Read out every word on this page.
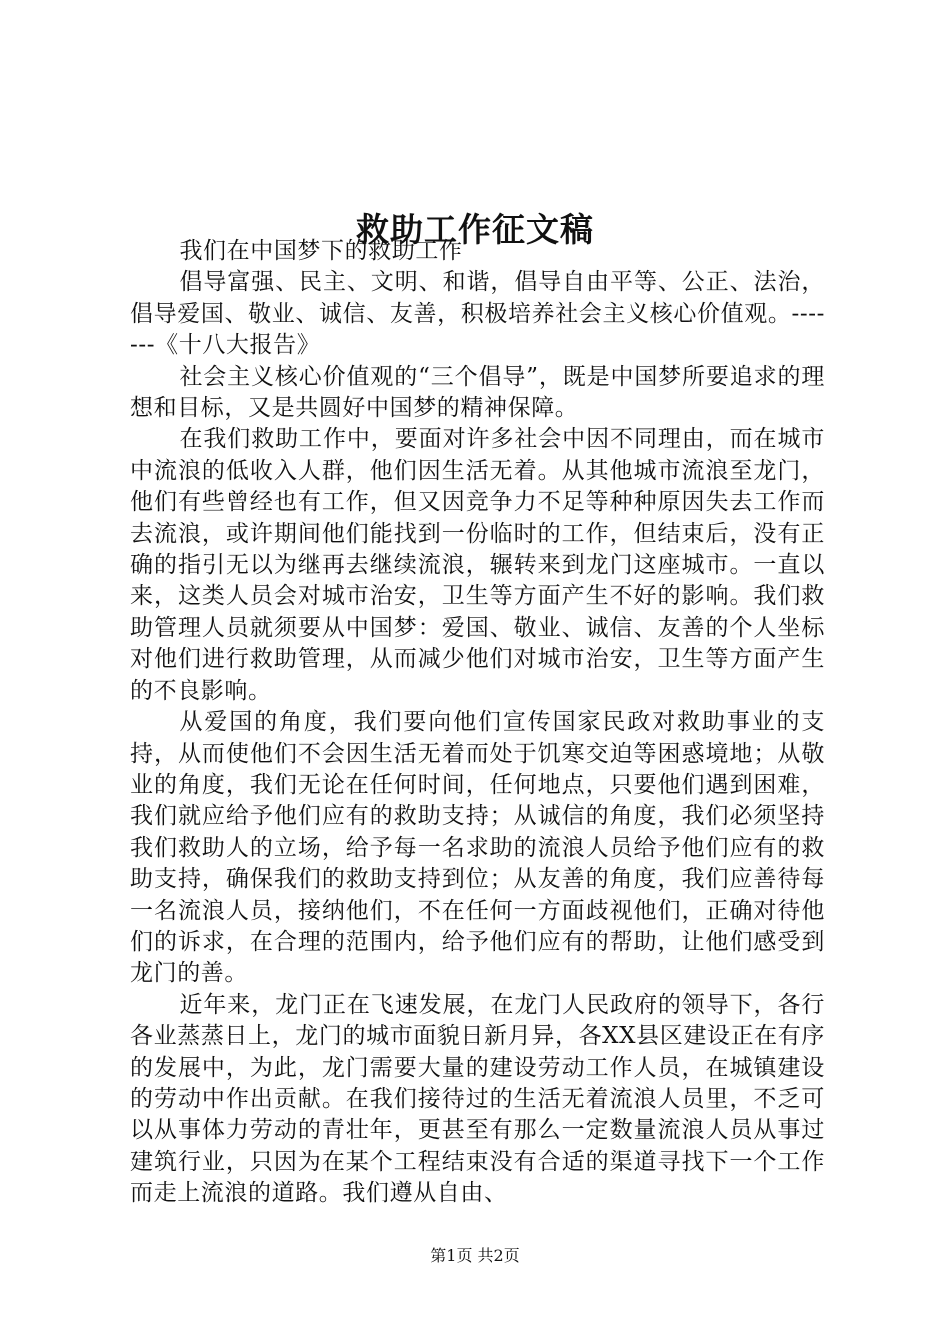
救助工作征文稿

我们在中国梦下的救助工作

倡导富强、民主、文明、和谐，倡导自由平等、公正、法治，倡导爱国、敬业、诚信、友善，积极培养社会主义核心价值观。-------《十八大报告》

社会主义核心价值观的“三个倡导”，既是中国梦所要追求的理想和目标，又是共圆好中国梦的精神保障。

在我们救助工作中，要面对许多社会中因不同理由，而在城市中流浪的低收入人群，他们因生活无着。从其他城市流浪至龙门，他们有些曾经也有工作，但又因竞争力不足等种种原因失去工作而去流浪，或许期间他们能找到一份临时的工作，但结束后，没有正确的指引无以为继再去继续流浪，辗转来到龙门这座城市。一直以来，这类人员会对城市治安，卫生等方面产生不好的影响。我们救助管理人员就须要从中国梦：爱国、敬业、诚信、友善的个人坐标对他们进行救助管理，从而减少他们对城市治安，卫生等方面产生的不良影响。

从爱国的角度，我们要向他们宣传国家民政对救助事业的支持，从而使他们不会因生活无着而处于饥寒交迫等困惑境地；从敬业的角度，我们无论在任何时间，任何地点，只要他们遇到困难，我们就应给予他们应有的救助支持；从诚信的角度，我们必须坚持我们救助人的立场，给予每一名求助的流浪人员给予他们应有的救助支持，确保我们的救助支持到位；从友善的角度，我们应善待每一名流浪人员，接纳他们，不在任何一方面歧视他们，正确对待他们的诉求，在合理的范围内，给予他们应有的帮助，让他们感受到龙门的善。

近年来，龙门正在飞速发展，在龙门人民政府的领导下，各行各业蒸蒸日上，龙门的城市面貌日新月异，各XX县区建设正在有序的发展中，为此，龙门需要大量的建设劳动工作人员，在城镇建设的劳动中作出贡献。在我们接待过的生活无着流浪人员里，不乏可以从事体力劳动的青壮年，更甚至有那么一定数量流浪人员从事过建筑行业，只因为在某个工程结束没有合适的渠道寻找下一个工作而走上流浪的道路。我们遵从自由、

第1页 共2页
